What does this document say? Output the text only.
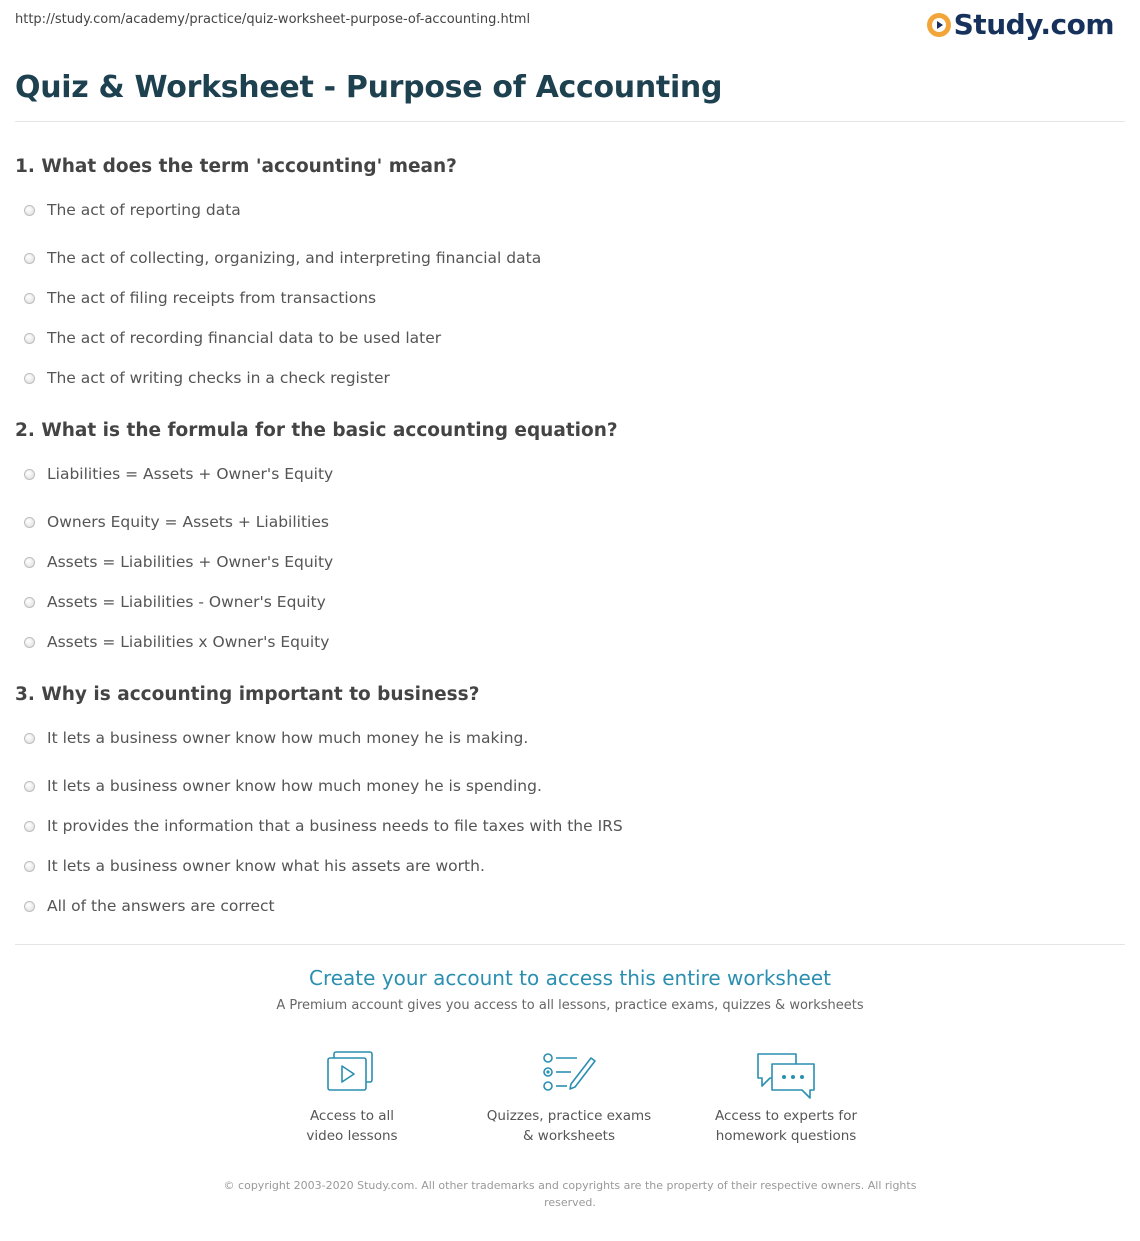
http://study.com/academy/practice/quiz-worksheet-purpose-of-accounting.html	Study.com
Quiz & Worksheet - Purpose of Accounting
1. What does the term 'accounting' mean?
The act of reporting data
The act of collecting, organizing, and interpreting financial data
The act of filing receipts from transactions
The act of recording financial data to be used later
The act of writing checks in a check register
2. What is the formula for the basic accounting equation?
Liabilities = Assets + Owner's Equity
Owners Equity = Assets + Liabilities
Assets = Liabilities + Owner's Equity
Assets = Liabilities - Owner's Equity
Assets = Liabilities x Owner's Equity
3. Why is accounting important to business?
It lets a business owner know how much money he is making.
It lets a business owner know how much money he is spending.
It provides the information that a business needs to file taxes with the IRS
It lets a business owner know what his assets are worth.
All of the answers are correct
Create your account to access this entire worksheet
A Premium account gives you access to all lessons, practice exams, quizzes & worksheets
Access to all
video lessons
Quizzes, practice exams
& worksheets
Access to experts for
homework questions
© copyright 2003-2020 Study.com. All other trademarks and copyrights are the property of their respective owners. All rights
reserved.
